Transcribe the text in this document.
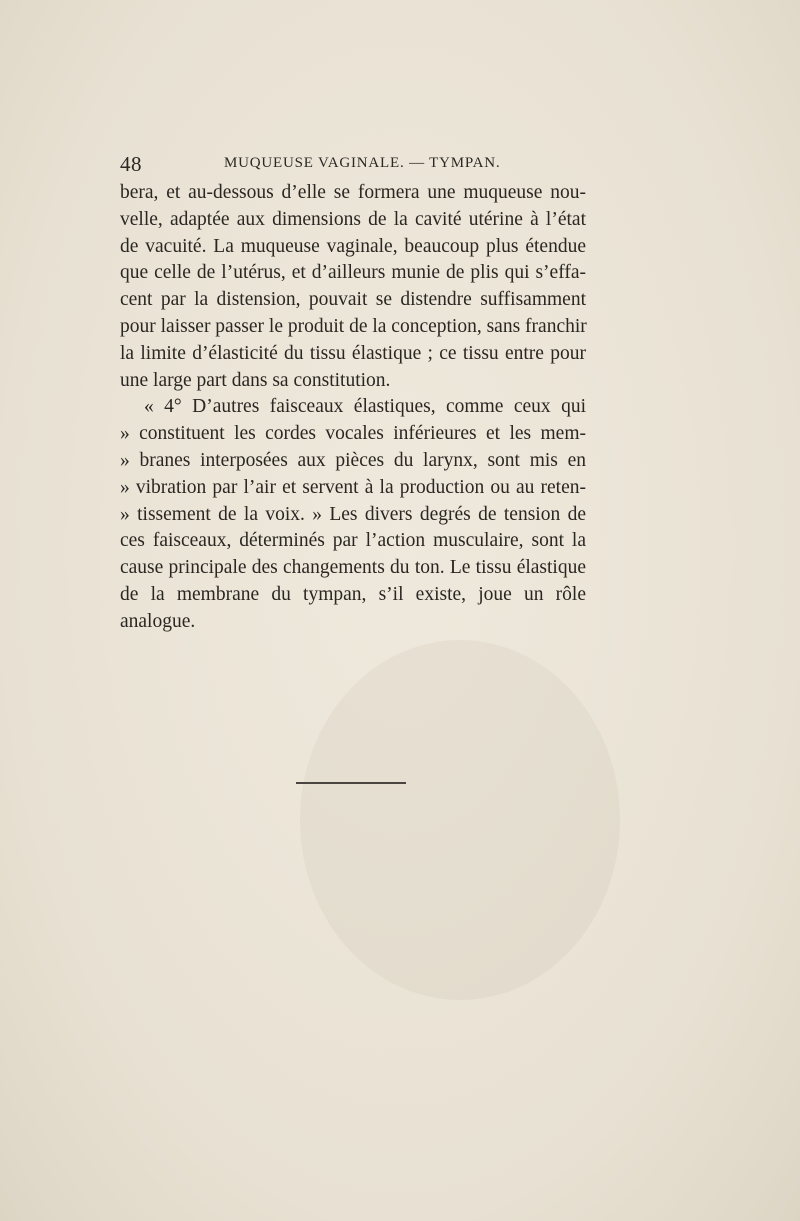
48	MUQUEUSE VAGINALE. — TYMPAN.
bera, et au-dessous d’elle se formera une muqueuse nou-
velle, adaptée aux dimensions de la cavité utérine à l’état
de vacuité. La muqueuse vaginale, beaucoup plus étendue
que celle de l’utérus, et d’ailleurs munie de plis qui s’effa-
cent par la distension, pouvait se distendre suffisamment
pour laisser passer le produit de la conception, sans franchir
la limite d’élasticité du tissu élastique ; ce tissu entre pour
une large part dans sa constitution.
« 4° D’autres faisceaux élastiques, comme ceux qui
» constituent les cordes vocales inférieures et les mem-
» branes interposées aux pièces du larynx, sont mis en
» vibration par l’air et servent à la production ou au reten-
» tissement de la voix. » Les divers degrés de tension de
ces faisceaux, déterminés par l’action musculaire, sont la
cause principale des changements du ton. Le tissu élastique
de la membrane du tympan, s’il existe, joue un rôle
analogue.
